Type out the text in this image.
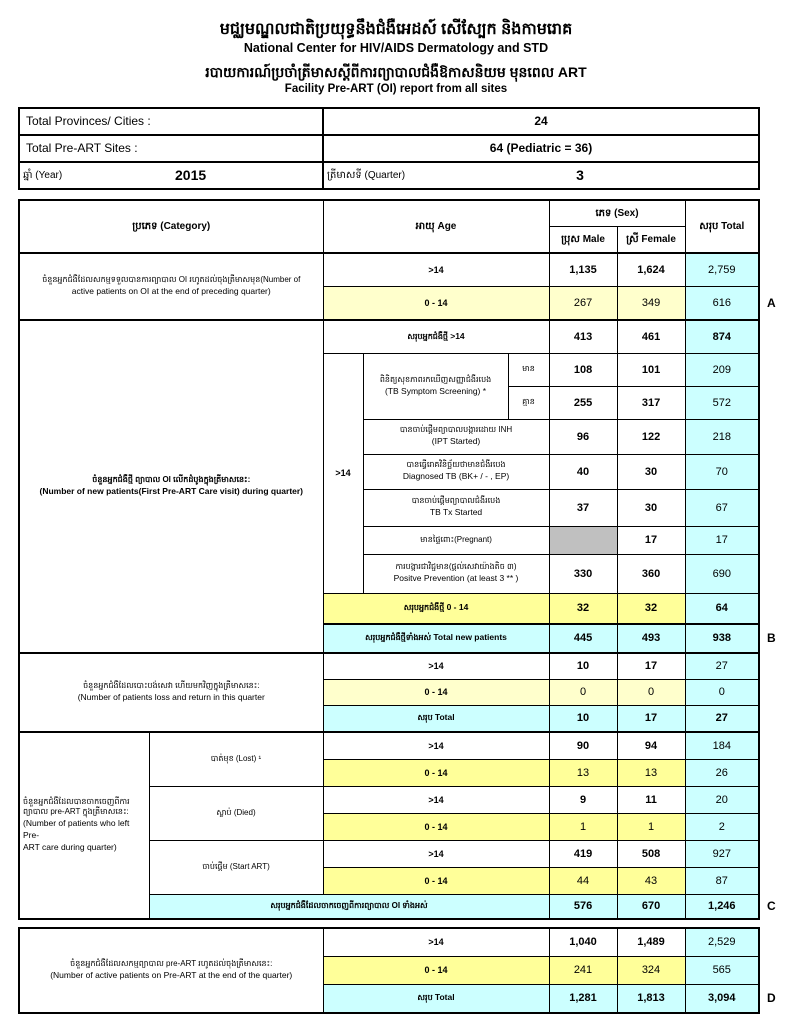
មជ្ឈមណ្ឌលជាតិប្រយុទ្ធនឹងជំងឺអេដស៍ សើស្បែក និងកាមរោគ
National Center for HIV/AIDS Dermatology and STD
របាយការណ៍ប្រចាំត្រីមាសស្តីពីការព្យាបាលជំងឺឱកាសនិយម មុនពេល ART
Facility Pre-ART (OI) report from all sites
Total Provinces/ Cities :	24
Total Pre-ART Sites :	64 (Pediatric = 36)

ឆ្នាំ (Year) 2015	ត្រីមាសទី (Quarter) 3
ប្រភេទ (Category)		អាយុ Age			ភេទ (Sex)		សរុប Total
					ប្រុស Male	ស្រី Female	
ចំនួនអ្នកជំងឺដែលសកម្មទទួលបានការព្យាបាល OI រហូតដល់ចុងត្រីមាសមុន(Number of
active patients on OI at the end of preceding quarter)		>14			1,135	1,624	2,759
		0 - 14			267	349	616 A

ចំនួនអ្នកជំងឺថ្មី ព្យាបាល OI លើកដំបូងក្នុងត្រីមាសនេះ:
(Number of new patients(First Pre-ART Care visit) during quarter)		សរុបអ្នកជំងឺថ្មី >14			413	461	874
		>14	ពិនិត្យសុខភាពរកឃើញសញ្ញាជំងឺរបេង
(TB Symptom Screening) *	មាន	108	101	209
				គ្មាន	255	317	572
			បានចាប់ផ្តើមព្យាបាលបង្ការដោយ INH
(IPT Started)		96	122	218
			បានធ្វើរោគវិនិច្ឆ័យថាមានជំងឺរបេង
Diagnosed TB (BK+ / - , EP)		40	30	70
			បានចាប់ផ្តើមព្យាបាលជំងឺរបេង
TB Tx Started		37	30	67
			មានផ្ទៃពោះ(Pregnant)			17	17
			ការបង្ការជាវិជ្ជមាន(ផ្តល់សេវាយ៉ាងតិច ៣)
Positve Prevention (at least 3 ** )		330	360	690
		សរុបអ្នកជំងឺថ្មី 0 - 14			32	32	64
		សរុបអ្នកជំងឺថ្មីទាំងអស់ Total new patients			445	493	938 B

ចំនួនអ្នកជំងឺដែលបោះបង់សេវា ហើយមកវិញក្នុងត្រីមាសនេះ:
(Number of patients loss and return in this quarter		>14			10	17	27
		0 - 14			0	0	0
		សរុប Total			10	17	27
ចំនួនអ្នកជំងឺដែលបានចាកចេញពីការ
ព្យាបាល pre-ART ក្នុងត្រីមាសនេះ:
(Number of patients who left Pre-
ART care during quarter)	បាត់មុខ (Lost) ¹	>14			90	94	184
		0 - 14			13	13	26
	ស្លាប់ (Died)	>14			9	11	20
		0 - 14			1	1	2
	ចាប់ផ្តើម (Start ART)	>14			419	508	927
		0 - 14			44	43	87
	សរុបអ្នកជំងឺដែលចាកចេញពីការព្យាបាល OI ទាំងអស់				576	670	1,246 C
ចំនួនអ្នកជំងឺដែលសកម្មព្យាបាល pre-ART រហូតដល់ចុងត្រីមាសនេះ:
(Number of active patients on Pre-ART at the end of the quarter)	>14	1,040	1,489	2,529
	0 - 14	241	324	565
	សរុប Total	1,281	1,813	3,094 D
